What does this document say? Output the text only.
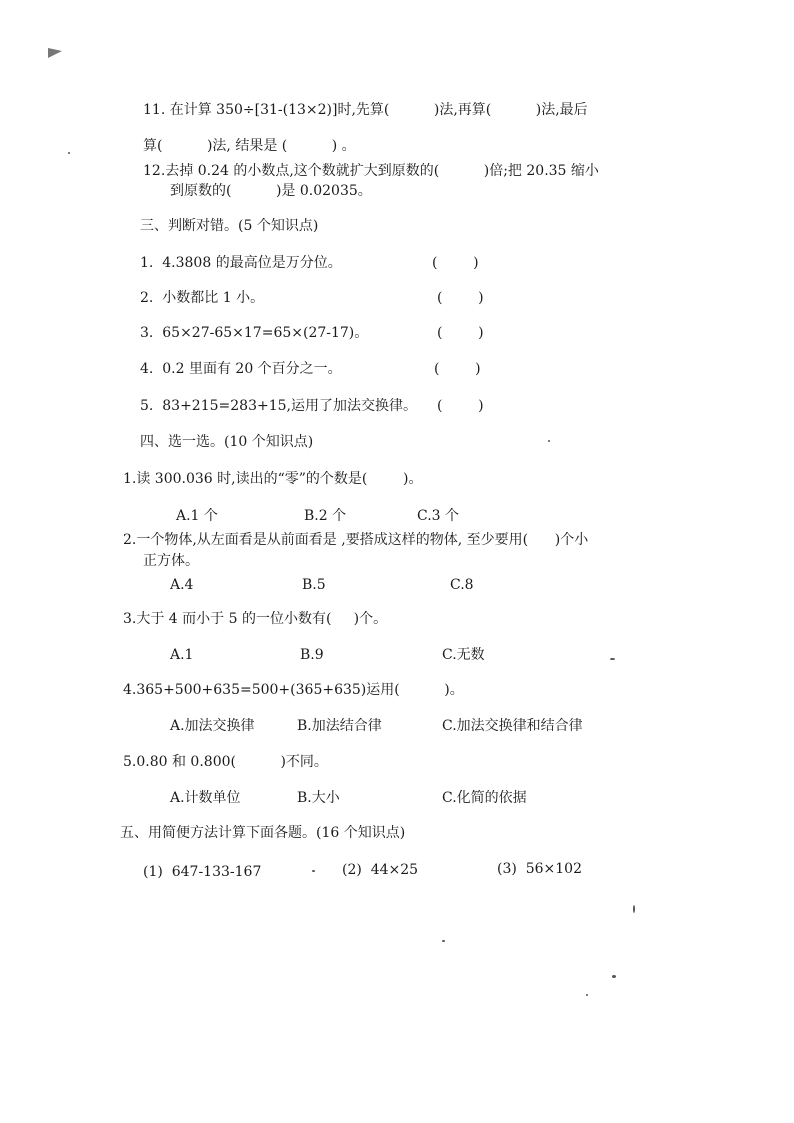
11. 在计算 350÷[31-(13×2)]时,先算(          )法,再算(          )法,最后
算(          )法, 结果是 (          ) 。
12.去掉 0.24 的小数点,这个数就扩大到原数的(          )倍;把 20.35 缩小
到原数的(          )是 0.02035。
三、判断对错。(5 个知识点)
1.  4.3808 的最高位是万分位。	(        )
2.  小数都比 1 小。	(        )
3.  65×27-65×17=65×(27-17)。	(        )
4.  0.2 里面有 20 个百分之一。	(        )
5.  83+215=283+15,运用了加法交换律。 (        )
四、选一选。(10 个知识点)
1.读 300.036 时,读出的“零”的个数是(        )。
A.1 个	B.2 个	C.3 个
2.一个物体,从左面看是从前面看是 ,要搭成这样的物体, 至少要用(      )个小
正方体。
A.4	B.5	C.8
3.大于 4 而小于 5 的一位小数有(     )个。
A.1	B.9	C.无数
4.365+500+635=500+(365+635)运用(          )。
A.加法交换律	B.加法结合律	C.加法交换律和结合律
5.0.80 和 0.800(          )不同。
A.计数单位	B.大小	C.化简的依据
五、用简便方法计算下面各题。(16 个知识点)
(1)  647-133-167	(2)  44×25	(3)  56×102
